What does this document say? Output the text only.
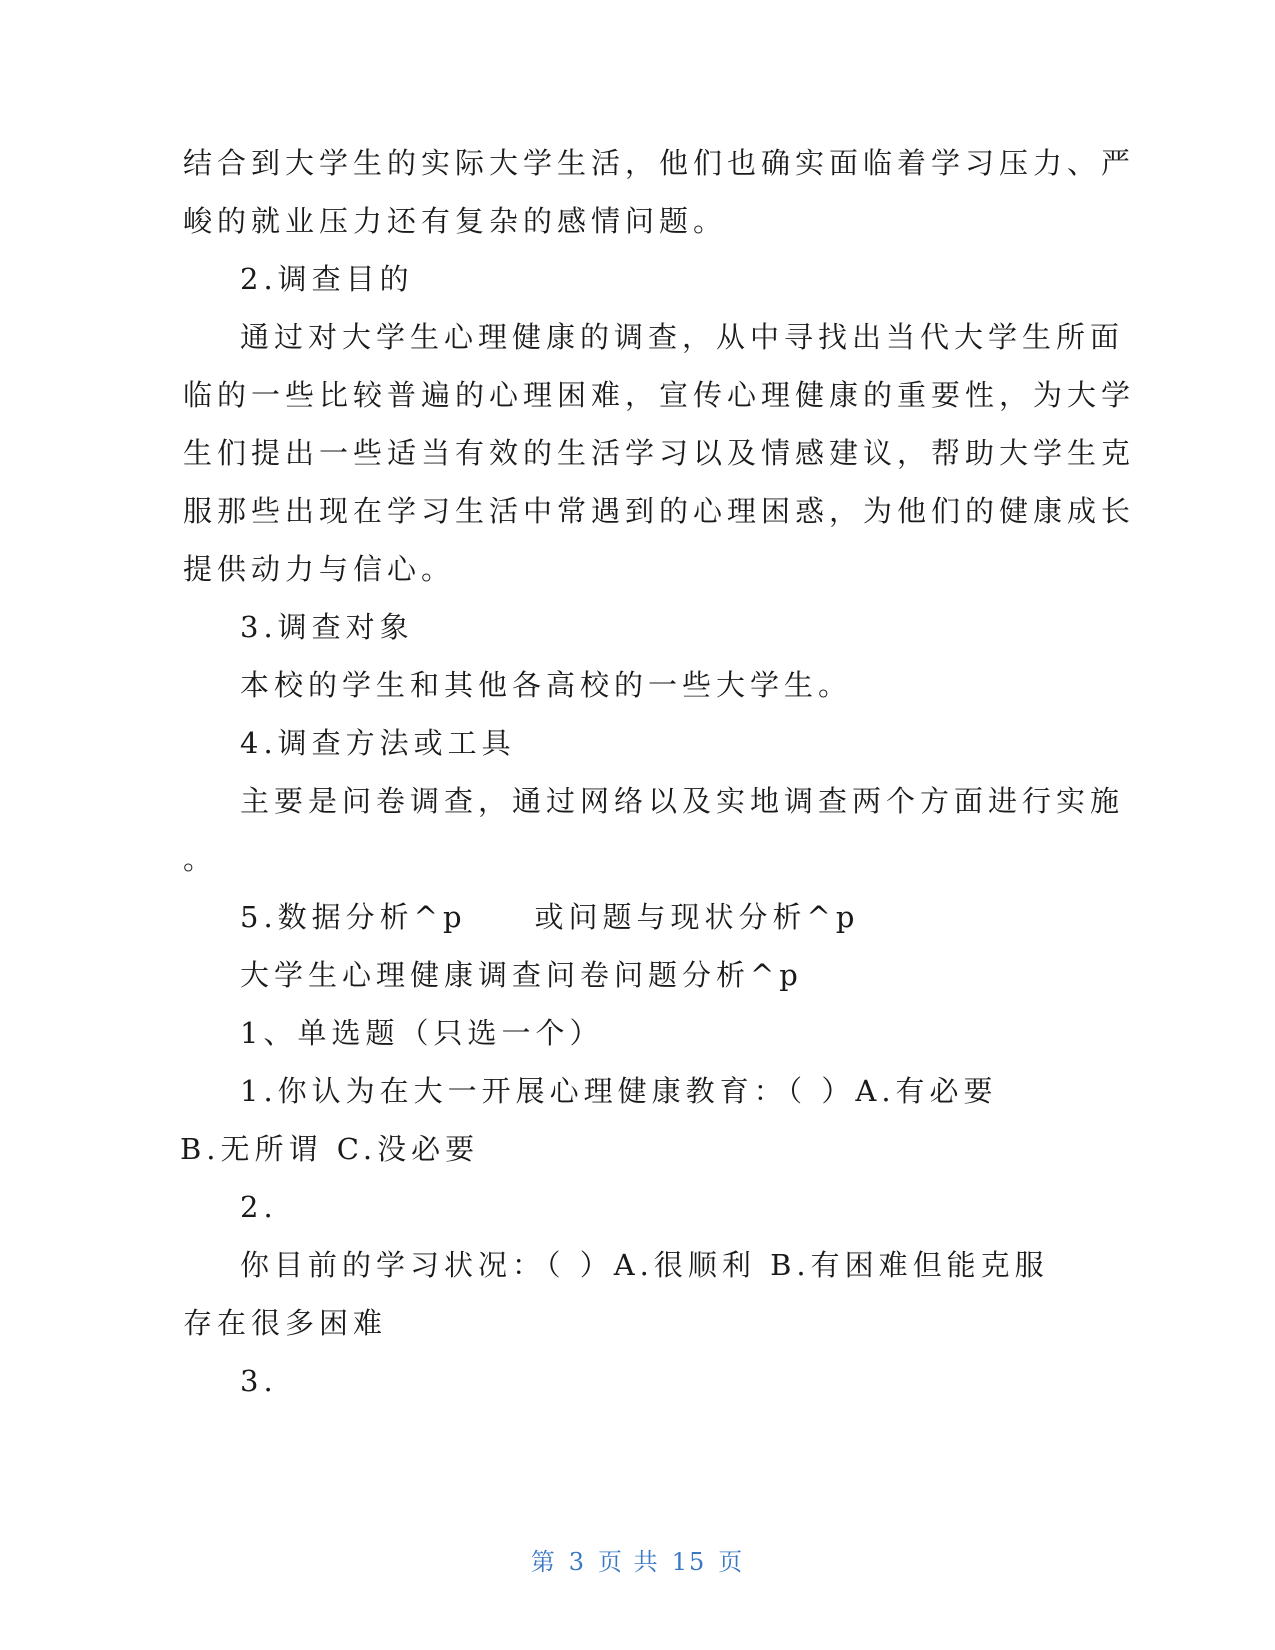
结合到大学生的实际大学生活，他们也确实面临着学习压力、严
峻的就业压力还有复杂的感情问题。
2.调查目的
通过对大学生心理健康的调查，从中寻找出当代大学生所面
临的一些比较普遍的心理困难，宣传心理健康的重要性，为大学
生们提出一些适当有效的生活学习以及情感建议，帮助大学生克
服那些出现在学习生活中常遇到的心理困惑，为他们的健康成长
提供动力与信心。
3.调查对象
本校的学生和其他各高校的一些大学生。
4.调查方法或工具
主要是问卷调查，通过网络以及实地调查两个方面进行实施
。
5.数据分析^p　　或问题与现状分析^p
大学生心理健康调查问卷问题分析^p
1、单选题（只选一个）
1.你认为在大一开展心理健康教育：（ ）A.有必要
B.无所谓 C.没必要
2.
你目前的学习状况：（ ）A.很顺利 B.有困难但能克服
存在很多困难
3.
第 3 页 共 15 页
